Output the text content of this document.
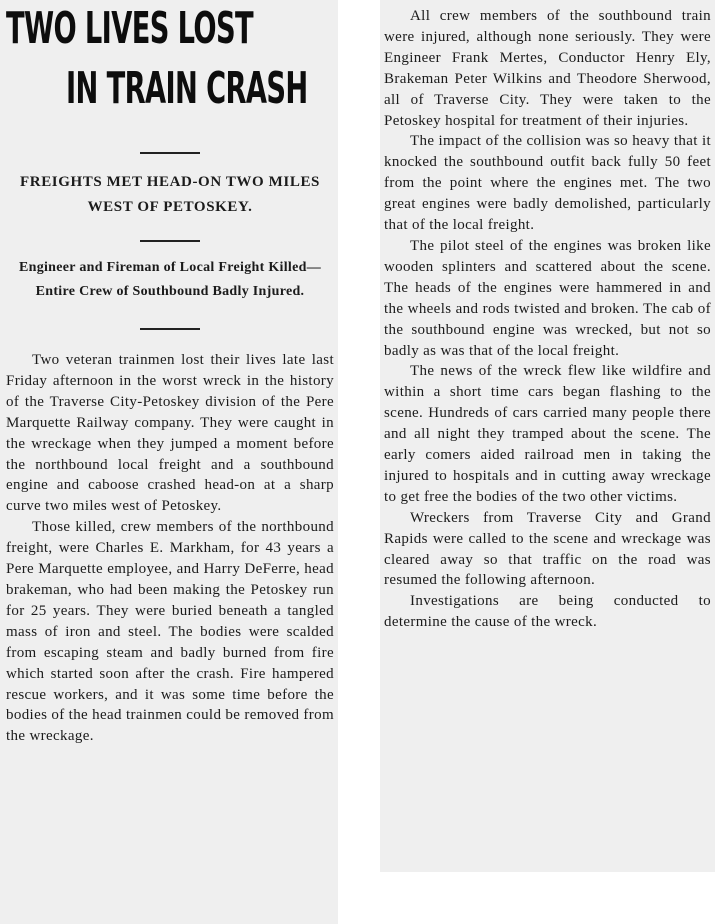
TWO LIVES LOST
IN TRAIN CRASH
FREIGHTS MET HEAD-ON TWO MILES WEST OF PETOSKEY.
Engineer and Fireman of Local Freight Killed—Entire Crew of Southbound Badly Injured.

Two veteran trainmen lost their lives late last Friday afternoon in the worst wreck in the history of the Traverse City-Petoskey division of the Pere Marquette Railway company. They were caught in the wreckage when they jumped a moment before the northbound local freight and a southbound engine and caboose crashed head-on at a sharp curve two miles west of Petoskey.

Those killed, crew members of the northbound freight, were Charles E. Markham, for 43 years a Pere Marquette employee, and Harry DeFerre, head brakeman, who had been making the Petoskey run for 25 years. They were buried beneath a tangled mass of iron and steel. The bodies were scalded from escaping steam and badly burned from fire which started soon after the crash. Fire hampered rescue workers, and it was some time before the bodies of the head trainmen could be removed from the wreckage.

All crew members of the southbound train were injured, although none seriously. They were Engineer Frank Mertes, Conductor Henry Ely, Brakeman Peter Wilkins and Theodore Sherwood, all of Traverse City. They were taken to the Petoskey hospital for treatment of their injuries.

The impact of the collision was so heavy that it knocked the southbound outfit back fully 50 feet from the point where the engines met. The two great engines were badly demolished, particularly that of the local freight.

The pilot steel of the engines was broken like wooden splinters and scattered about the scene. The heads of the engines were hammered in and the wheels and rods twisted and broken. The cab of the southbound engine was wrecked, but not so badly as was that of the local freight.

The news of the wreck flew like wildfire and within a short time cars began flashing to the scene. Hundreds of cars carried many people there and all night they tramped about the scene. The early comers aided railroad men in taking the injured to hospitals and in cutting away wreckage to get free the bodies of the two other victims.

Wreckers from Traverse City and Grand Rapids were called to the scene and wreckage was cleared away so that traffic on the road was resumed the following afternoon.

Investigations are being conducted to determine the cause of the wreck.
